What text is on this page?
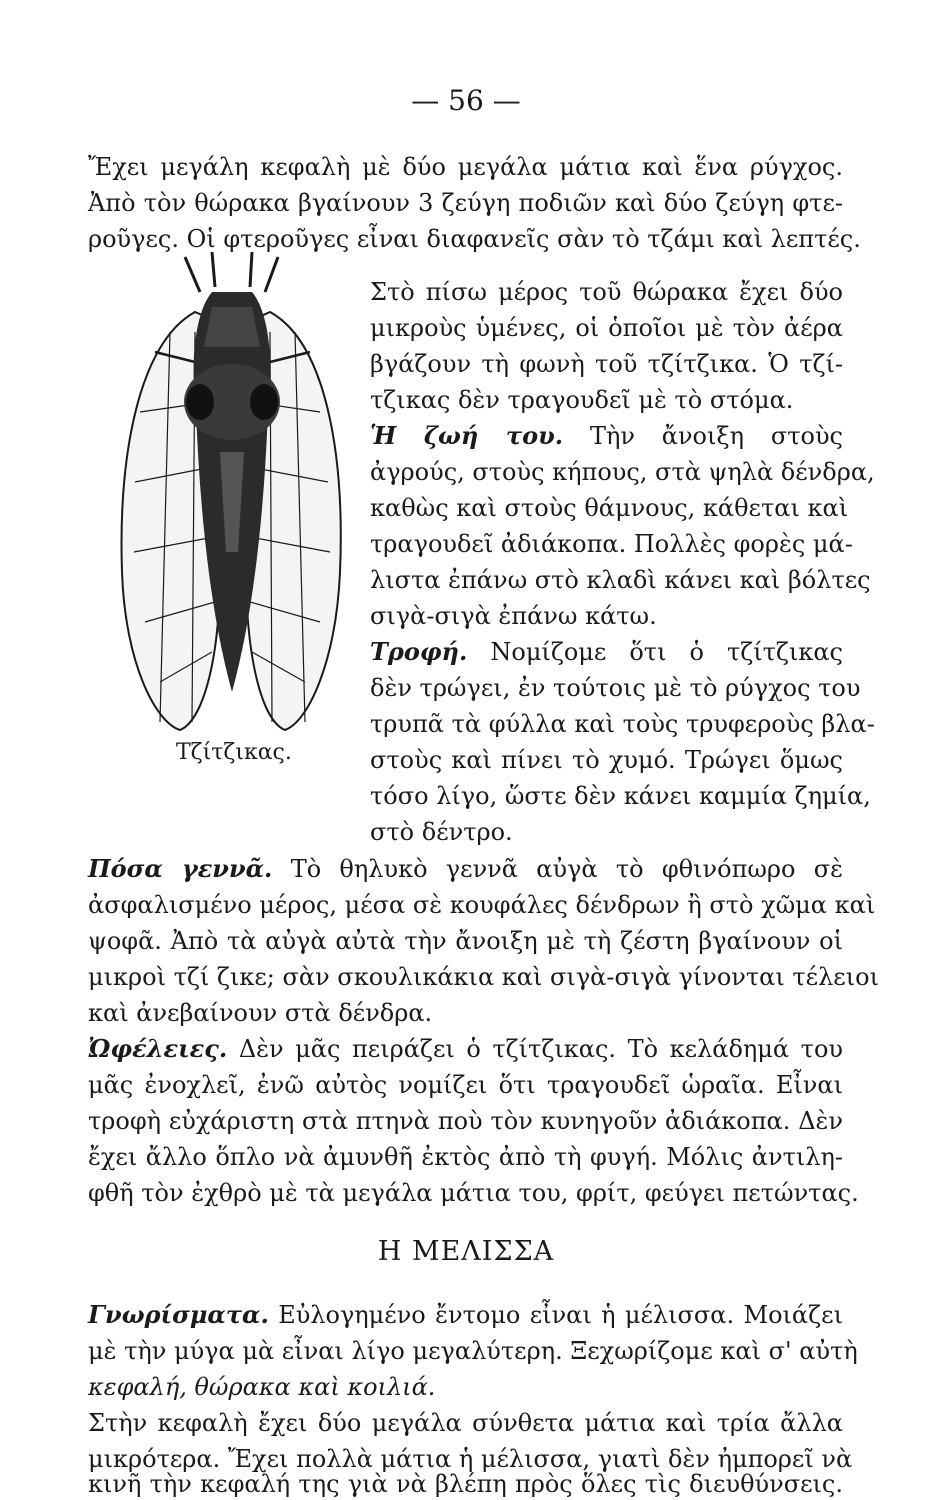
— 56 —
Ἔχει μεγάλη κεφαλὴ μὲ δύο μεγάλα μάτια καὶ ἕνα ρύγχος.
Ἀπὸ τὸν θώρακα βγαίνουν 3 ζεύγη ποδιῶν καὶ δύο ζεύγη φτε-
ροῦγες. Οἱ φτεροῦγες εἶναι διαφανεῖς σὰν τὸ τζάμι καὶ λεπτές.
Τζίτζικας.
Στὸ πίσω μέρος τοῦ θώρακα ἔχει δύο
μικροὺς ὑμένες, οἱ ὁποῖοι μὲ τὸν ἀέρα
βγάζουν τὴ φωνὴ τοῦ τζίτζικα. Ὁ τζί-
τζικας δὲν τραγουδεῖ μὲ τὸ στόμα.
Ἡ ζωή του. Τὴν ἄνοιξη στοὺς
ἀγρούς, στοὺς κήπους, στὰ ψηλὰ δένδρα,
καθὼς καὶ στοὺς θάμνους, κάθεται καὶ
τραγουδεῖ ἀδιάκοπα. Πολλὲς φορὲς μά-
λιστα ἐπάνω στὸ κλαδὶ κάνει καὶ βόλτες
σιγὰ-σιγὰ ἐπάνω κάτω.
Τροφή. Νομίζομε ὅτι ὁ τζίτζικας
δὲν τρώγει, ἐν τούτοις μὲ τὸ ρύγχος του
τρυπᾶ τὰ φύλλα καὶ τοὺς τρυφεροὺς βλα-
στοὺς καὶ πίνει τὸ χυμό. Τρώγει ὅμως
τόσο λίγο, ὥστε δὲν κάνει καμμία ζημία,
στὸ δέντρο.
Πόσα γεννᾶ. Τὸ θηλυκὸ γεννᾶ αὐγὰ τὸ φθινόπωρο σὲ
ἀσφαλισμένο μέρος, μέσα σὲ κουφάλες δένδρων ἢ στὸ χῶμα καὶ
ψοφᾶ. Ἀπὸ τὰ αὐγὰ αὐτὰ τὴν ἄνοιξη μὲ τὴ ζέστη βγαίνουν οἱ
μικροὶ τζί ζικε; σὰν σκουλικάκια καὶ σιγὰ-σιγὰ γίνονται τέλειοι
καὶ ἀνεβαίνουν στὰ δένδρα.
Ὠφέλειες. Δὲν μᾶς πειράζει ὁ τζίτζικας. Τὸ κελάδημά του
μᾶς ἐνοχλεῖ, ἐνῶ αὐτὸς νομίζει ὅτι τραγουδεῖ ὡραῖα. Εἶναι
τροφὴ εὐχάριστη στὰ πτηνὰ ποὺ τὸν κυνηγοῦν ἀδιάκοπα. Δὲν
ἔχει ἄλλο ὅπλο νὰ ἀμυνθῆ ἐκτὸς ἀπὸ τὴ φυγή. Μόλις ἀντιλη-
φθῆ τὸν ἐχθρὸ μὲ τὰ μεγάλα μάτια του, φρίτ, φεύγει πετώντας.
Η ΜΕΛΙΣΣΑ
Γνωρίσματα. Εὐλογημένο ἔντομο εἶναι ἡ μέλισσα. Μοιάζει
μὲ τὴν μύγα μὰ εἶναι λίγο μεγαλύτερη. Ξεχωρίζομε καὶ σ' αὐτὴ
κεφαλή, θώρακα καὶ κοιλιά.
Στὴν κεφαλὴ ἔχει δύο μεγάλα σύνθετα μάτια καὶ τρία ἄλλα
μικρότερα. Ἔχει πολλὰ μάτια ἡ μέλισσα, γιατὶ δὲν ἠμπορεῖ νὰ
κινῆ τὴν κεφαλή της γιὰ νὰ βλέπη πρὸς ὅλες τὶς διευθύνσεις.
